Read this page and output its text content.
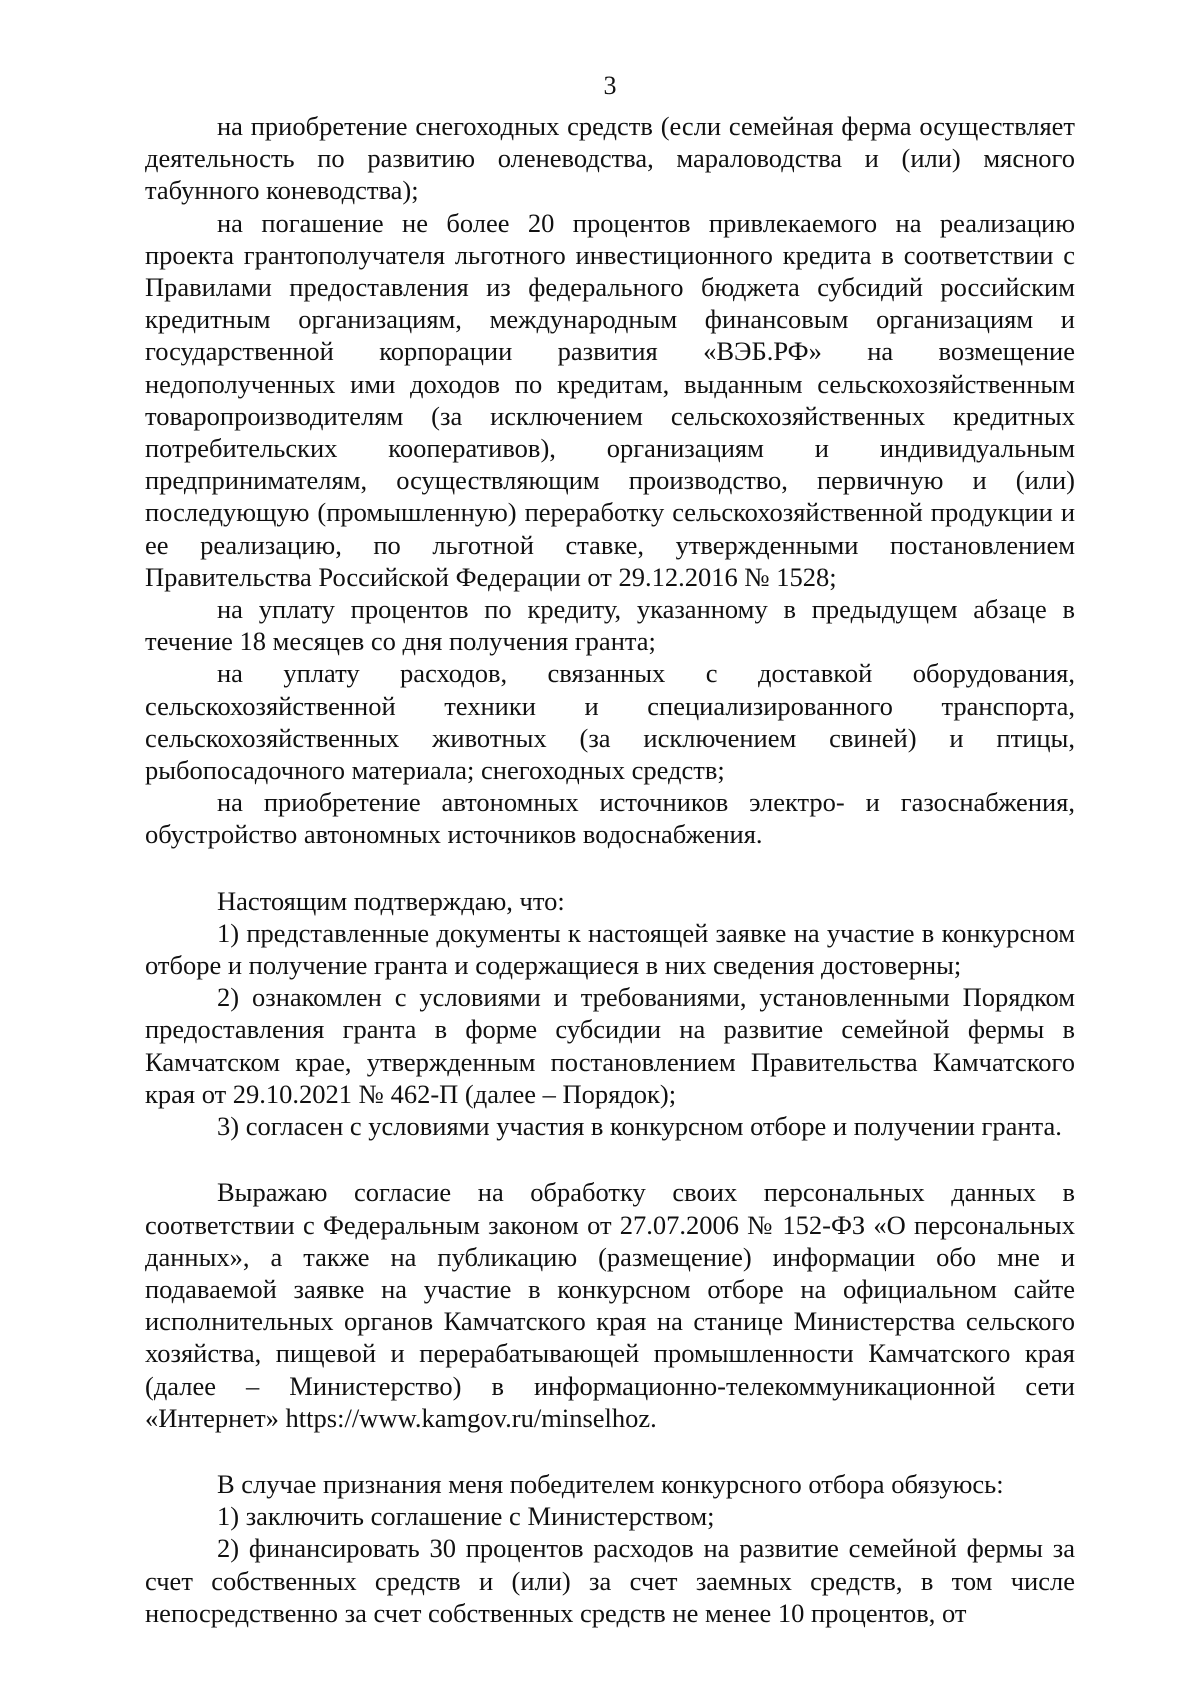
3

на приобретение снегоходных средств (если семейная ферма осуществляет деятельность по развитию оленеводства, мараловодства и (или) мясного табунного коневодства);

на погашение не более 20 процентов привлекаемого на реализацию проекта грантополучателя льготного инвестиционного кредита в соответствии с Правилами предоставления из федерального бюджета субсидий российским кредитным организациям, международным финансовым организациям и государственной корпорации развития «ВЭБ.РФ» на возмещение недополученных ими доходов по кредитам, выданным сельскохозяйственным товаропроизводителям (за исключением сельскохозяйственных кредитных потребительских кооперативов), организациям и индивидуальным предпринимателям, осуществляющим производство, первичную и (или) последующую (промышленную) переработку сельскохозяйственной продукции и ее реализацию, по льготной ставке, утвержденными постановлением Правительства Российской Федерации от 29.12.2016 № 1528;

на уплату процентов по кредиту, указанному в предыдущем абзаце в течение 18 месяцев со дня получения гранта;

на уплату расходов, связанных с доставкой оборудования, сельскохозяйственной техники и специализированного транспорта, сельскохозяйственных животных (за исключением свиней) и птицы, рыбопосадочного материала; снегоходных средств;

на приобретение автономных источников электро- и газоснабжения, обустройство автономных источников водоснабжения.

Настоящим подтверждаю, что:

1) представленные документы к настоящей заявке на участие в конкурсном отборе и получение гранта и содержащиеся в них сведения достоверны;

2) ознакомлен с условиями и требованиями, установленными Порядком предоставления гранта в форме субсидии на развитие семейной фермы в Камчатском крае, утвержденным постановлением Правительства Камчатского края от 29.10.2021 № 462-П (далее – Порядок);

3) согласен с условиями участия в конкурсном отборе и получении гранта.

Выражаю согласие на обработку своих персональных данных в соответствии с Федеральным законом от 27.07.2006 № 152-ФЗ «О персональных данных», а также на публикацию (размещение) информации обо мне и подаваемой заявке на участие в конкурсном отборе на официальном сайте исполнительных органов Камчатского края на станице Министерства сельского хозяйства, пищевой и перерабатывающей промышленности Камчатского края (далее – Министерство) в информационно-телекоммуникационной сети «Интернет» https://www.kamgov.ru/minselhoz.

В случае признания меня победителем конкурсного отбора обязуюсь:

1) заключить соглашение с Министерством;

2) финансировать 30 процентов расходов на развитие семейной фермы за счет собственных средств и (или) за счет заемных средств, в том числе непосредственно за счет собственных средств не менее 10 процентов, от
